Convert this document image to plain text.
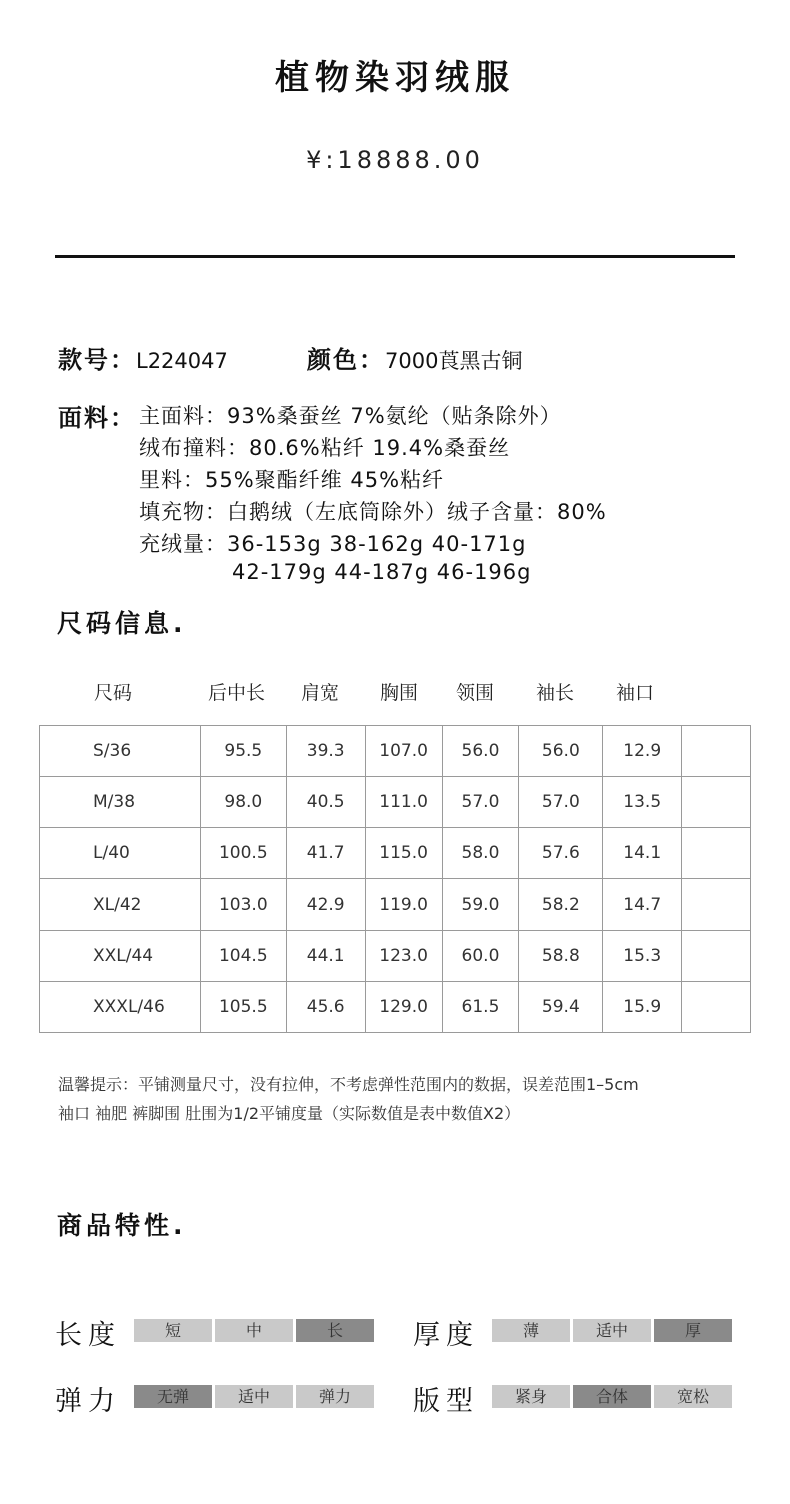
植物染羽绒服
¥:18888.00
款号：L224047	颜色：7000莨黑古铜
面料： 主面料：93%桑蚕丝 7%氨纶（贴条除外）
绒布撞料：80.6%粘纤 19.4%桑蚕丝
里料：55%聚酯纤维 45%粘纤
填充物：白鹅绒（左底筒除外）绒子含量：80%
充绒量：36-153g 38-162g 40-171g
42-179g 44-187g 46-196g
尺码信息.
尺码	后中长 肩宽 胸围 领围 袖长 袖口
S/36	95.5	39.3	107.0	56.0	56.0	12.9	
M/38	98.0	40.5	111.0	57.0	57.0	13.5	
L/40	100.5	41.7	115.0	58.0	57.6	14.1	
XL/42	103.0	42.9	119.0	59.0	58.2	14.7	
XXL/44	104.5	44.1	123.0	60.0	58.8	15.3	
XXXL/46	105.5	45.6	129.0	61.5	59.4	15.9	
温馨提示：平铺测量尺寸，没有拉伸，不考虑弹性范围内的数据，误差范围1–5cm
袖口 袖肥 裤脚围 肚围为1/2平铺度量（实际数值是表中数值X2）
商品特性.
长度	短	中	长	厚度	薄	适中	厚
弹力	无弹	适中	弹力	版型	紧身	合体	宽松
